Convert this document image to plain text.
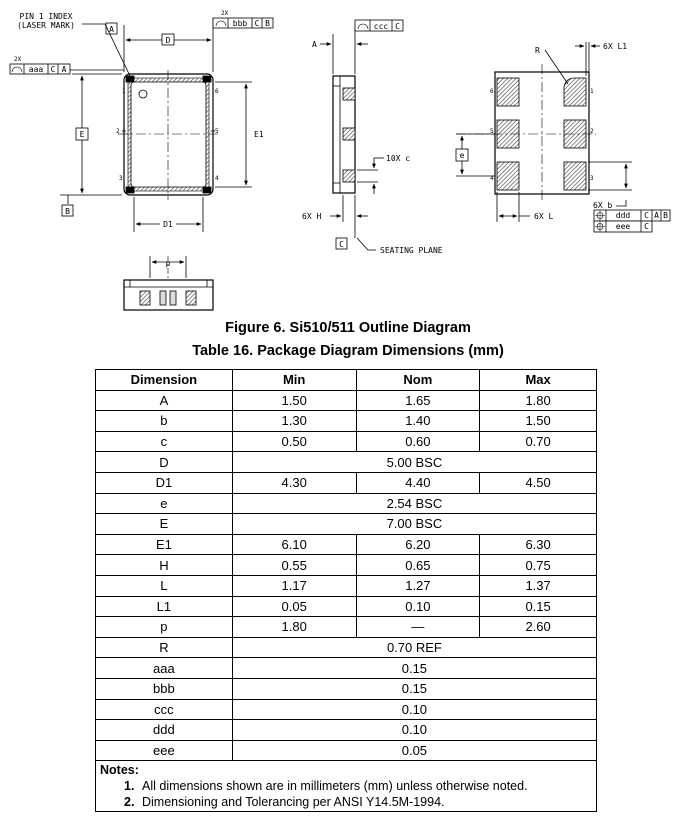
PIN 1 INDEX
(LASER MARK)
2X
2X
A
bbb C B
aaa C A
D
E
B
E1
D1
1
2
3	4
5
6
A
ccc C
10X c
6X H
C
SEATING PLANE
R	6X L1
e
6X L
6X b
ddd C A B
eee C
6
5
4
1
2
3
p
Figure 6. Si510/511 Outline Diagram
Table 16. Package Diagram Dimensions (mm)
Dimension	Min	Nom	Max
A	1.50	1.65	1.80
b	1.30	1.40	1.50
c	0.50	0.60	0.70
D	5.00 BSC		
D1	4.30	4.40	4.50
e	2.54 BSC		
E	7.00 BSC		
E1	6.10	6.20	6.30
H	0.55	0.65	0.75
L	1.17	1.27	1.37
L1	0.05	0.10	0.15
p	1.80	—	2.60
R	0.70 REF		
aaa	0.15		
bbb	0.15		
ccc	0.10		
ddd	0.10		
eee	0.05		

Notes:
1. All dimensions shown are in millimeters (mm) unless otherwise noted.
2. Dimensioning and Tolerancing per ANSI Y14.5M-1994.			
